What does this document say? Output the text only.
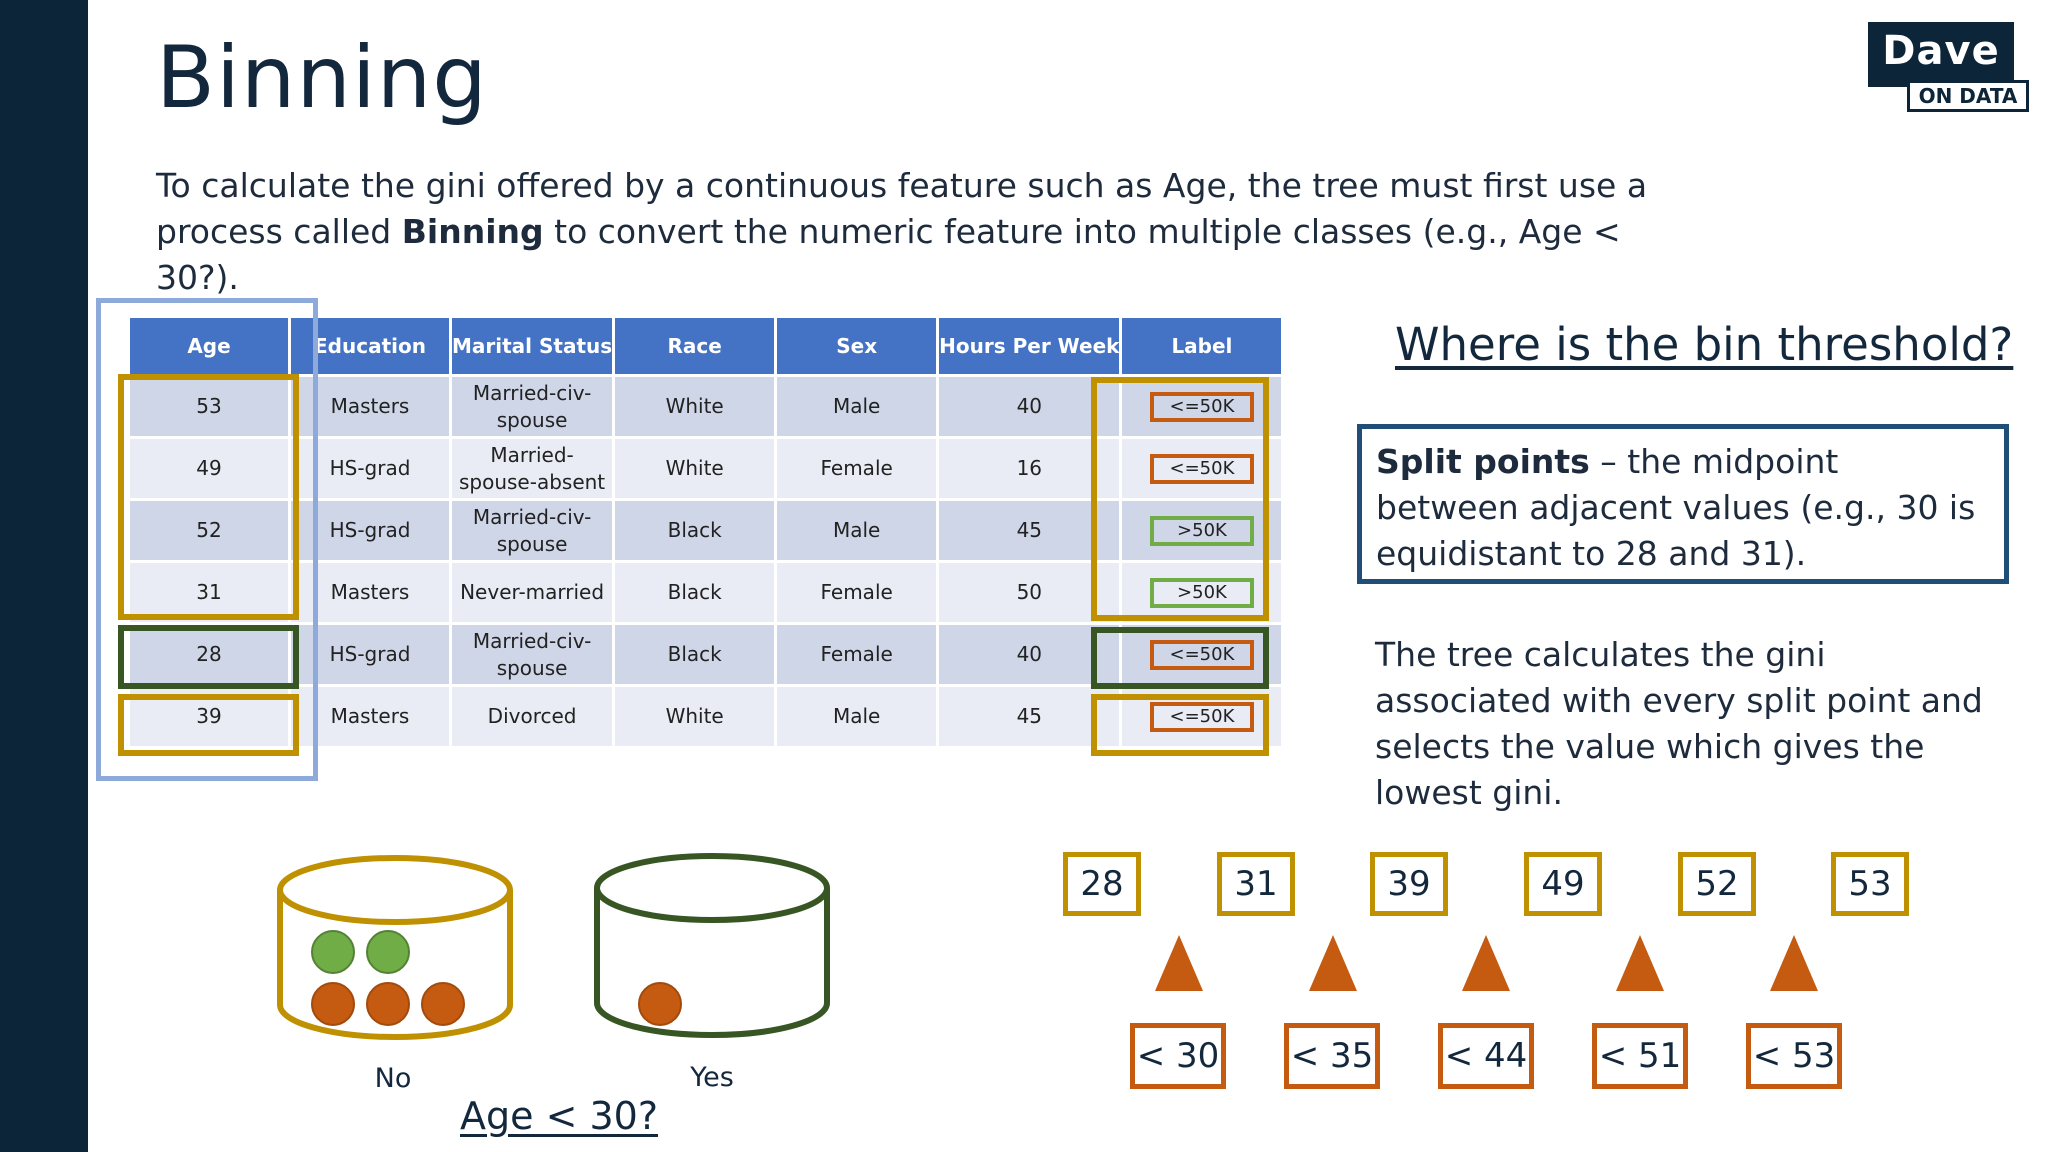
Binning	Dave
ON DATA
To calculate the gini offered by a continuous feature such as Age, the tree must first use a process called Binning to convert the numeric feature into multiple classes (e.g., Age < 30?).
Age	Education	Marital Status	Race	Sex	Hours Per Week	Label
53	Masters	Married-civ-spouse	White	Male	40	<=50K
49	HS-grad	Married-spouse-absent	White	Female	16	<=50K
52	HS-grad	Married-civ-spouse	Black	Male	45	>50K
31	Masters	Never-married	Black	Female	50	>50K
28	HS-grad	Married-civ-spouse	Black	Female	40	<=50K
39	Masters	Divorced	White	Male	45	<=50K
Where is the bin threshold?
Split points – the midpoint between adjacent values (e.g., 30 is equidistant to 28 and 31).
The tree calculates the gini associated with every split point and selects the value which gives the lowest gini.
No	Yes
Age < 30?
28	31	39	49	52	53
< 30 < 35 < 44 < 51 < 53
